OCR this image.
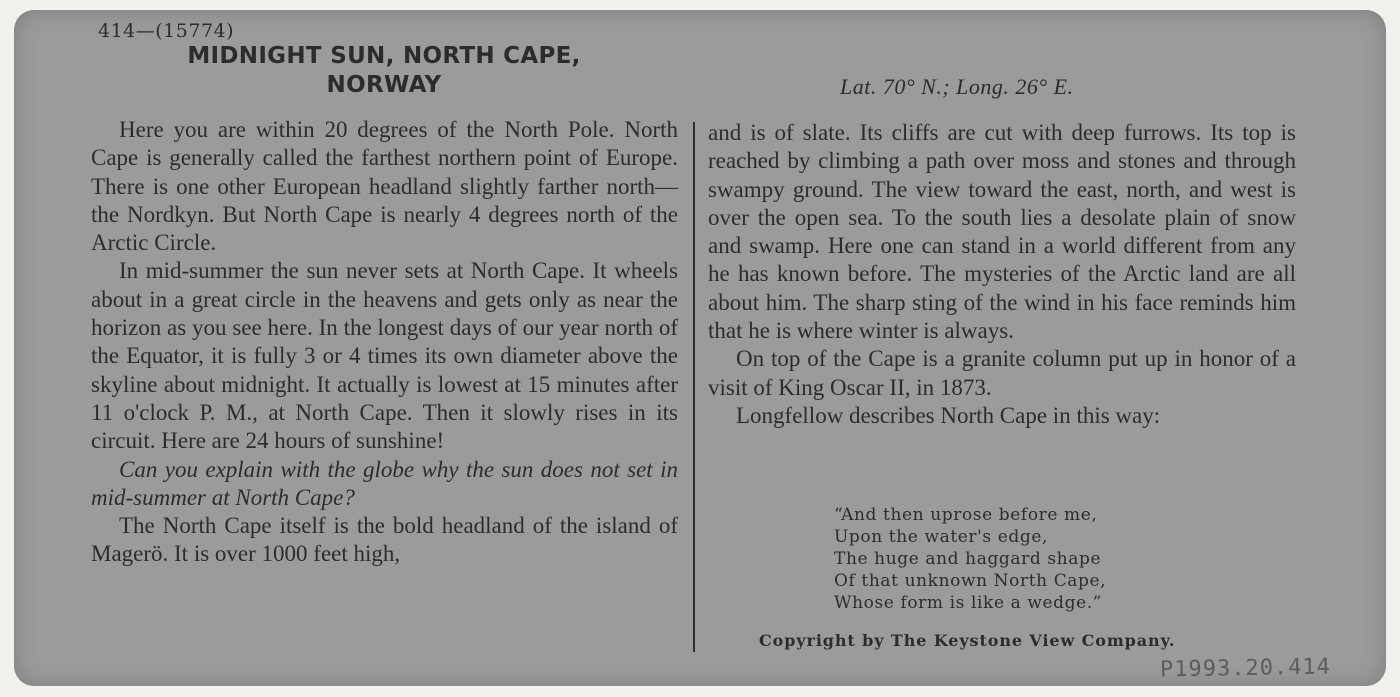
414—(15774)
MIDNIGHT SUN, NORTH CAPE,
NORWAY	Lat. 70° N.; Long. 26° E.

Here you are within 20 degrees of the North Pole. North Cape is generally called the farthest northern point of Europe. There is one other European headland slightly farther north—the Nordkyn. But North Cape is nearly 4 degrees north of the Arctic Circle.

In mid-summer the sun never sets at North Cape. It wheels about in a great circle in the heavens and gets only as near the horizon as you see here. In the longest days of our year north of the Equator, it is fully 3 or 4 times its own diameter above the skyline about midnight. It actually is lowest at 15 minutes after 11 o'clock P. M., at North Cape. Then it slowly rises in its circuit. Here are 24 hours of sunshine!

Can you explain with the globe why the sun does not set in mid-summer at North Cape?

The North Cape itself is the bold headland of the island of Magerö. It is over 1000 feet high,

and is of slate. Its cliffs are cut with deep furrows. Its top is reached by climbing a path over moss and stones and through swampy ground. The view toward the east, north, and west is over the open sea. To the south lies a desolate plain of snow and swamp. Here one can stand in a world different from any he has known before. The mysteries of the Arctic land are all about him. The sharp sting of the wind in his face reminds him that he is where winter is always.

On top of the Cape is a granite column put up in honor of a visit of King Oscar II, in 1873.

Longfellow describes North Cape in this way:

“And then uprose before me,
Upon the water's edge,
The huge and haggard shape
Of that unknown North Cape,
Whose form is like a wedge.”
Copyright by The Keystone View Company.
P1993.20.414
